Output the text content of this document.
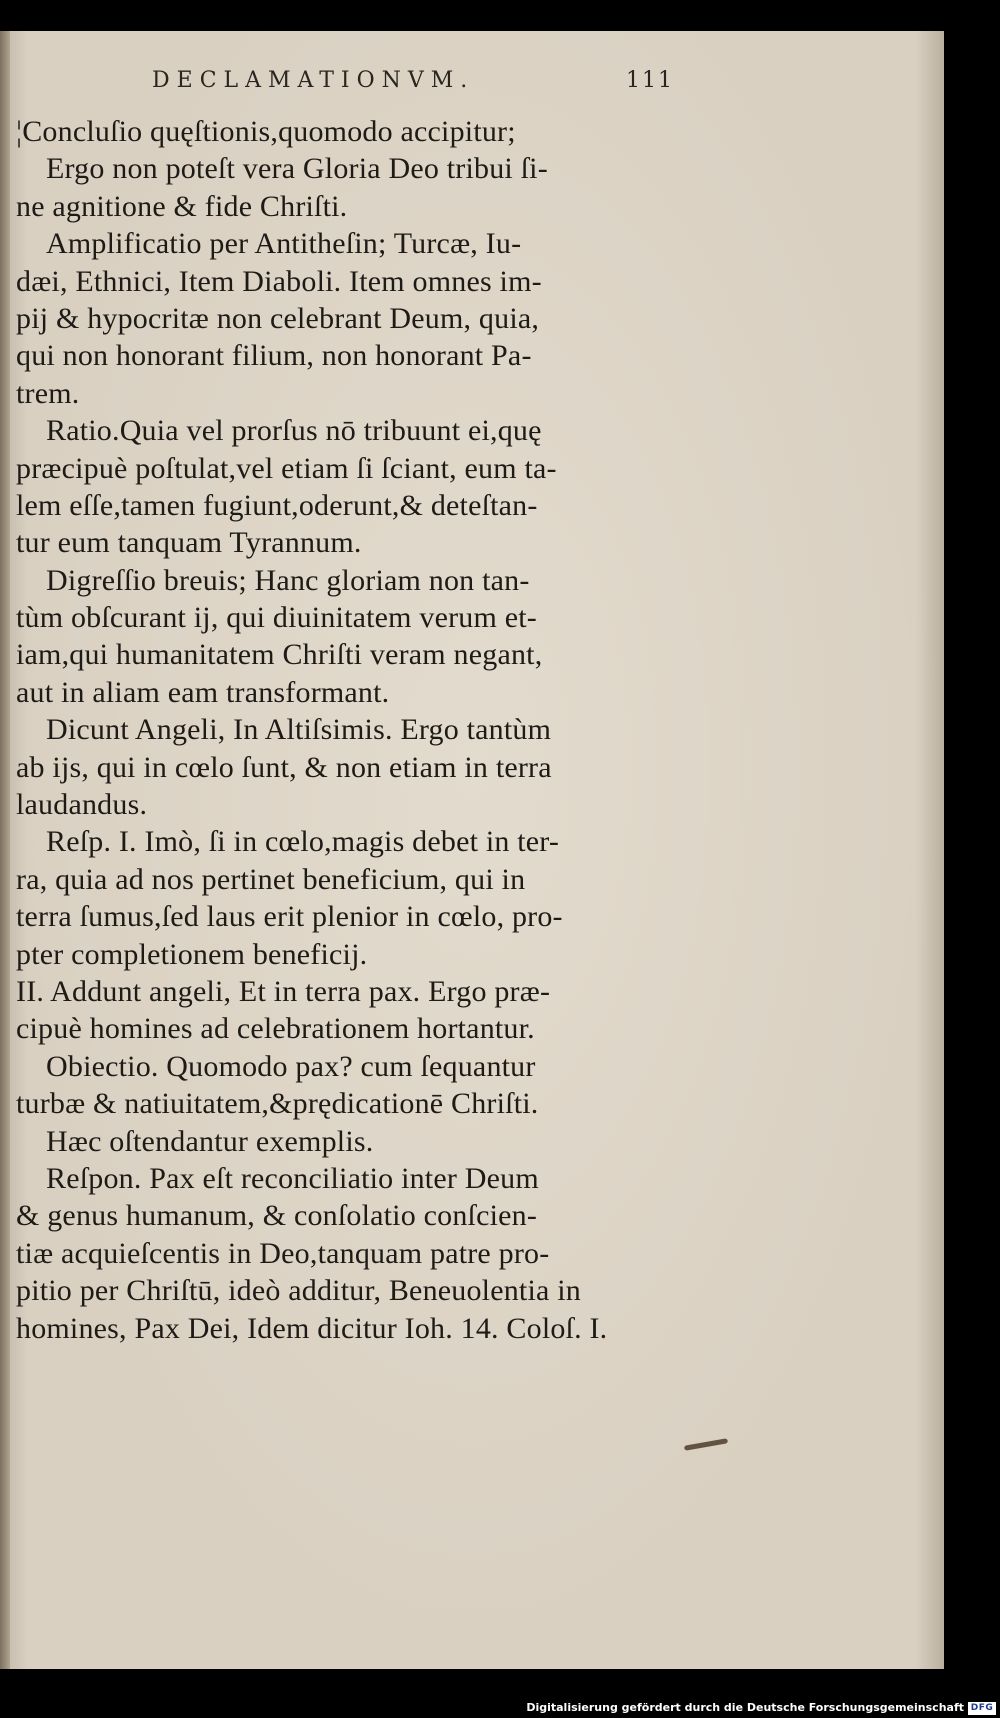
DECLAMATIONVM.	111
¦Concluſio quęſtionis,quomodo accipitur;
Ergo non poteſt vera Gloria Deo tribui ſi-
ne agnitione & fide Chriſti.
Amplificatio per Antitheſin; Turcæ, Iu-
dæi, Ethnici, Item Diaboli. Item omnes im-
pij & hypocritæ non celebrant Deum, quia,
qui non honorant filium, non honorant Pa-
trem.
Ratio.Quia vel prorſus nō tribuunt ei,quę
præcipuè poſtulat,vel etiam ſi ſciant, eum ta-
lem eſſe,tamen fugiunt,oderunt,& deteſtan-
tur eum tanquam Tyrannum.
Digreſſio breuis; Hanc gloriam non tan-
tùm obſcurant ij, qui diuinitatem verum et-
iam,qui humanitatem Chriſti veram negant,
aut in aliam eam transformant.
Dicunt Angeli, In Altiſsimis. Ergo tantùm
ab ijs, qui in cœlo ſunt, & non etiam in terra
laudandus.
Reſp. I. Imò, ſi in cœlo,magis debet in ter-
ra, quia ad nos pertinet beneficium, qui in
terra ſumus,ſed laus erit plenior in cœlo, pro-
pter completionem beneficij.
II. Addunt angeli, Et in terra pax. Ergo præ-
cipuè homines ad celebrationem hortantur.
Obiectio. Quomodo pax? cum ſequantur
turbæ & natiuitatem,&prędicationē Chriſti.
Hæc oſtendantur exemplis.
Reſpon. Pax eſt reconciliatio inter Deum
& genus humanum, & conſolatio conſcien-
tiæ acquieſcentis in Deo,tanquam patre pro-
pitio per Chriſtū, ideò additur, Beneuolentia in
homines, Pax Dei, Idem dicitur Ioh. 14. Coloſ. I.
Digitalisierung gefördert durch die Deutsche Forschungsgemeinschaft DFG
